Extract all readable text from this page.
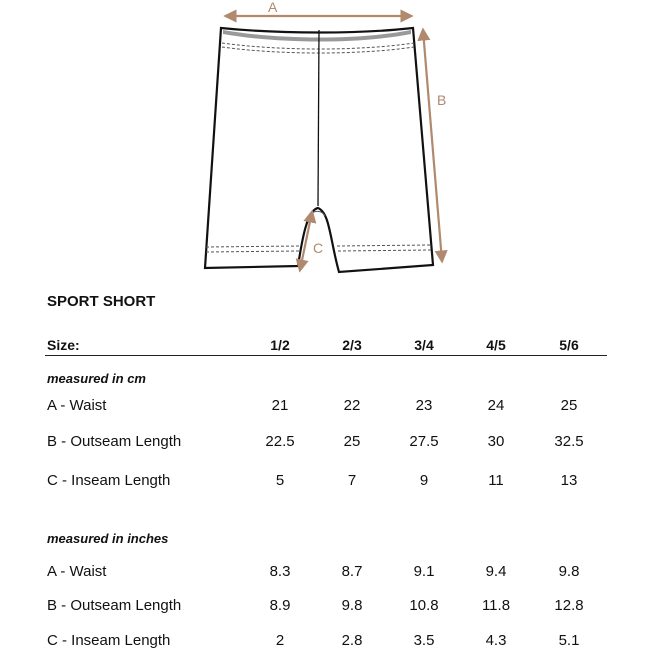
A
B
C
SPORT SHORT
Size:	1/2	2/3	3/4	4/5	5/6
measured in cm
A - Waist	21	22	23	24	25
B - Outseam Length	22.5	25	27.5	30	32.5
C - Inseam Length	5	7	9	11	13
measured in inches
A - Waist	8.3	8.7	9.1	9.4	9.8
B - Outseam Length	8.9	9.8	10.8	11.8	12.8
C - Inseam Length	2	2.8	3.5	4.3	5.1
